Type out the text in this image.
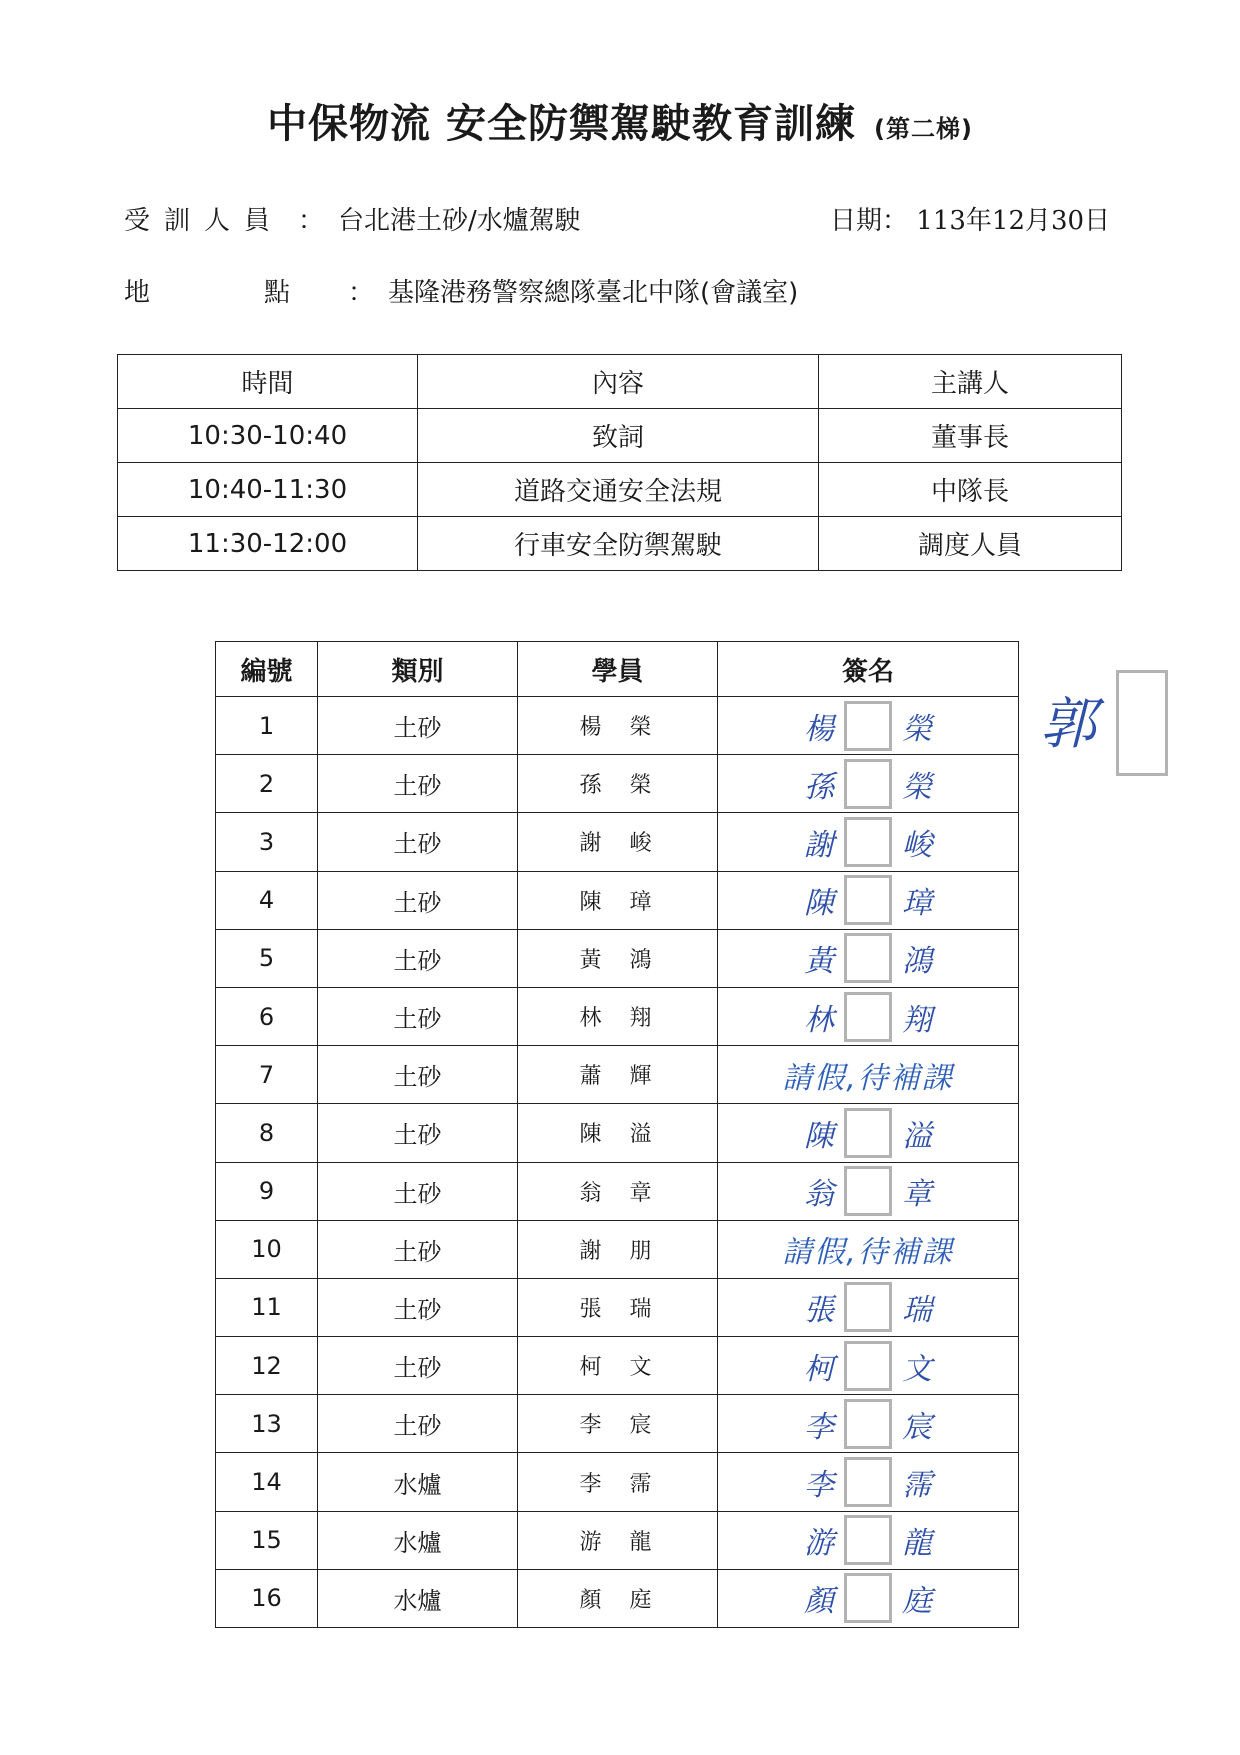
中保物流 安全防禦駕駛教育訓練 (第二梯)
受訓人員 ： 台北港土砂/水爐駕駛	日期： 113年12月30日
地　點 ： 基隆港務警察總隊臺北中隊(會議室)
時間	內容	主講人
10:30-10:40	致詞	董事長
10:40-11:30	道路交通安全法規	中隊長
11:30-12:00	行車安全防禦駕駛	調度人員
編號	類別	學員	簽名
1	土砂	楊榮	楊 榮
2	土砂	孫榮	孫 榮
3	土砂	謝峻	謝 峻
4	土砂	陳璋	陳 璋
5	土砂	黃鴻	黃 鴻
6	土砂	林翔	林 翔
7	土砂	蕭輝	請假,待補課
8	土砂	陳溢	陳 溢
9	土砂	翁章	翁 章
10	土砂	謝朋	請假,待補課
11	土砂	張瑞	張 瑞
12	土砂	柯文	柯 文
13	土砂	李宸	李 宸
14	水爐	李霈	李 霈
15	水爐	游龍	游 龍
16	水爐	顏庭	顏 庭
郭
